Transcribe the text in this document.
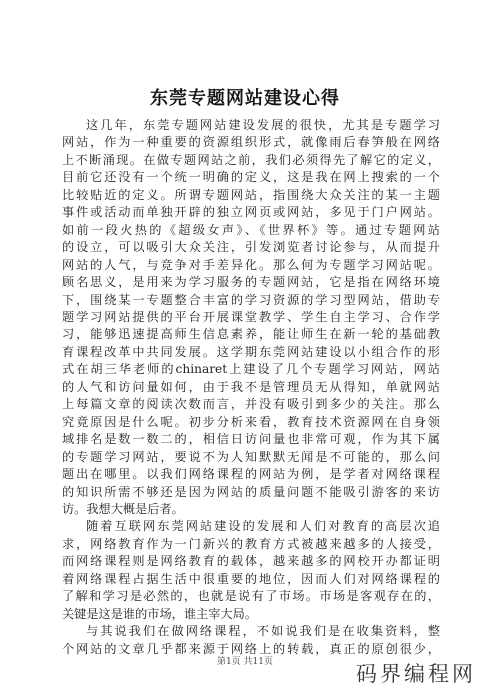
东莞专题网站建设心得
这几年，东莞专题网站建设发展的很快，尤其是专题学习
网站，作为一种重要的资源组织形式，就像雨后春笋般在网络
上不断涌现。在做专题网站之前，我们必须得先了解它的定义，
目前它还没有一个统一明确的定义，这是我在网上搜索的一个
比较贴近的定义。所谓专题网站，指围绕大众关注的某一主题
事件或活动而单独开辟的独立网页或网站，多见于门户网站。
如前一段火热的《超级女声》、《世界杯》等。通过专题网站
的设立，可以吸引大众关注，引发浏览者讨论参与，从而提升
网站的人气，与竞争对手差异化。那么何为专题学习网站呢。
顾名思义，是用来为学习服务的专题网站，它是指在网络环境
下，围绕某一专题整合丰富的学习资源的学习型网站，借助专
题学习网站提供的平台开展课堂教学、学生自主学习、合作学
习，能够迅速提高师生信息素养，能让师生在新一轮的基础教
育课程改革中共同发展。这学期东莞网站建设以小组合作的形
式在胡三华老师的chinaret上建设了几个专题学习网站，网站
的人气和访问量如何，由于我不是管理员无从得知，单就网站
上每篇文章的阅读次数而言，并没有吸引到多少的关注。那么
究竟原因是什么呢。初步分析来看，教育技术资源网在自身领
域排名是数一数二的，相信日访问量也非常可观，作为其下属
的专题学习网站，要说不为人知默默无闻是不可能的，那么问
题出在哪里。以我们网络课程的网站为例，是学者对网络课程
的知识所需不够还是因为网站的质量问题不能吸引游客的来访
访。我想大概是后者。
随着互联网东莞网站建设的发展和人们对教育的高层次追
求，网络教育作为一门新兴的教育方式被越来越多的人接受，
而网络课程则是网络教育的载体，越来越多的网校开办都证明
着网络课程占据生活中很重要的地位，因而人们对网络课程的
了解和学习是必然的，也就是说有了市场。市场是客观存在的，
关键是这是谁的市场，谁主宰大局。
与其说我们在做网络课程，不如说我们是在收集资料，整
个网站的文章几乎都来源于网络上的转载，真正的原创很少，
第1页 共11页	码界编程网
